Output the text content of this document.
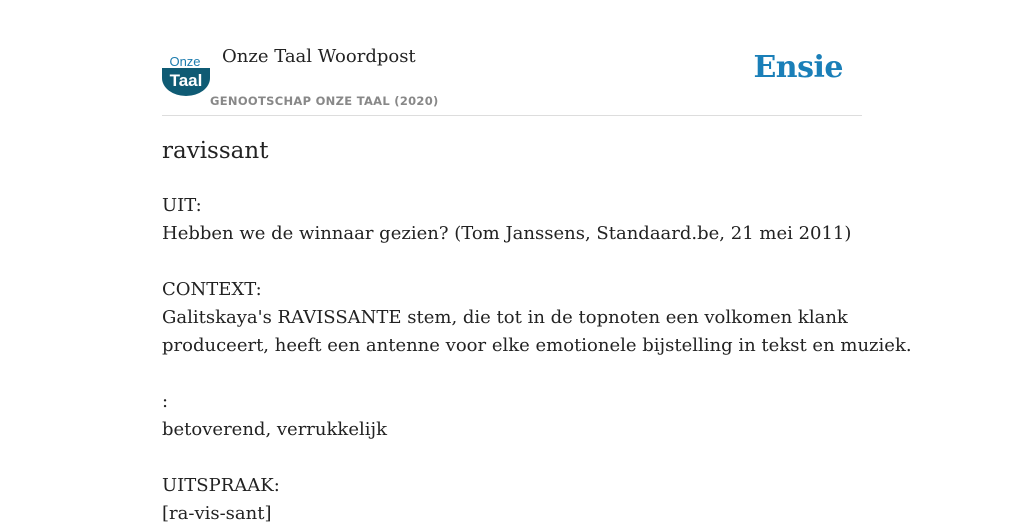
Onze
Taal
Onze Taal Woordpost
GENOOTSCHAP ONZE TAAL (2020)
Ensie
ravissant
UIT:
Hebben we de winnaar gezien? (Tom Janssens, Standaard.be, 21 mei 2011)
CONTEXT:
Galitskaya's RAVISSANTE stem, die tot in de topnoten een volkomen klank
produceert, heeft een antenne voor elke emotionele bijstelling in tekst en muziek.
:
betoverend, verrukkelijk
UITSPRAAK:
[ra-vis-sant]
